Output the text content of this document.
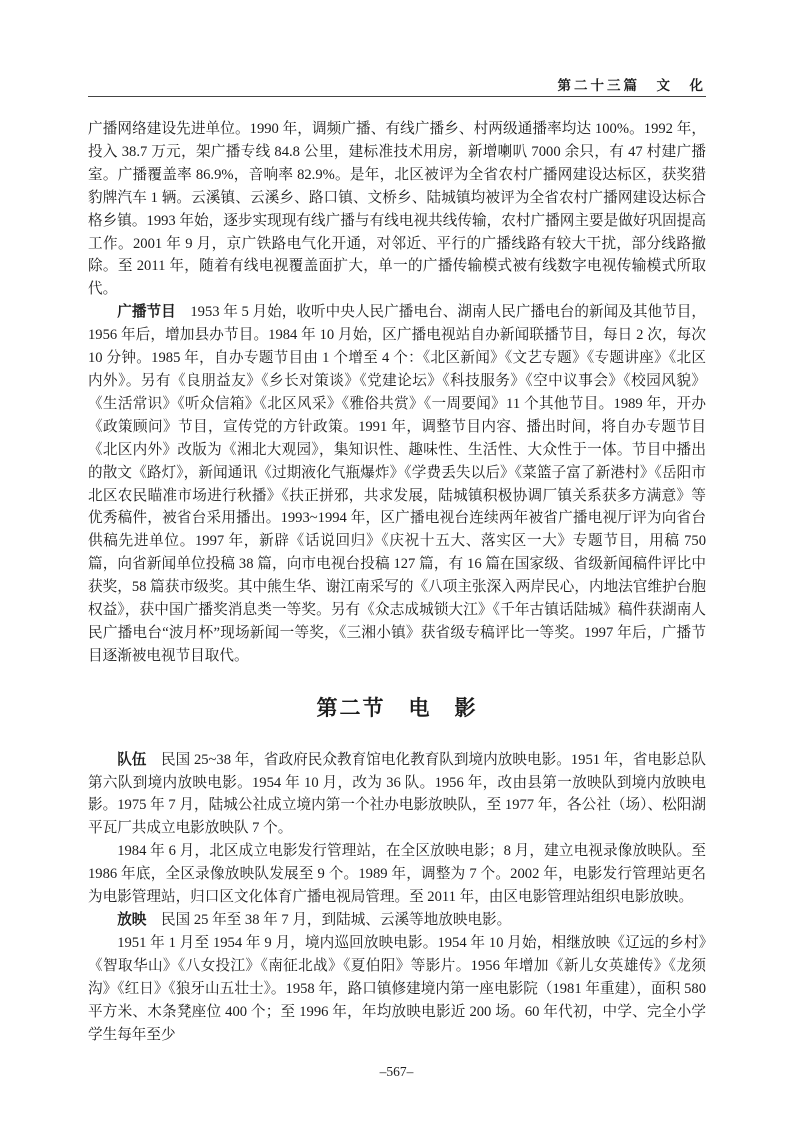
第二十三篇　文　化

广播网络建设先进单位。1990 年，调频广播、有线广播乡、村两级通播率均达 100%。1992 年，投入 38.7 万元，架广播专线 84.8 公里，建标准技术用房，新增喇叭 7000 余只，有 47 村建广播室。广播覆盖率 86.9%，音响率 82.9%。是年，北区被评为全省农村广播网建设达标区，获奖猎豹牌汽车 1 辆。云溪镇、云溪乡、路口镇、文桥乡、陆城镇均被评为全省农村广播网建设达标合格乡镇。1993 年始，逐步实现现有线广播与有线电视共线传输，农村广播网主要是做好巩固提高工作。2001 年 9 月，京广铁路电气化开通，对邻近、平行的广播线路有较大干扰，部分线路撤除。至 2011 年，随着有线电视覆盖面扩大，单一的广播传输模式被有线数字电视传输模式所取代。

广播节目　1953 年 5 月始，收听中央人民广播电台、湖南人民广播电台的新闻及其他节目，1956 年后，增加县办节目。1984 年 10 月始，区广播电视站自办新闻联播节目，每日 2 次，每次 10 分钟。1985 年，自办专题节目由 1 个增至 4 个：《北区新闻》《文艺专题》《专题讲座》《北区内外》。另有《良朋益友》《乡长对策谈》《党建论坛》《科技服务》《空中议事会》《校园风貌》《生活常识》《听众信箱》《北区风采》《雅俗共赏》《一周要闻》11 个其他节目。1989 年，开办《政策顾问》节目，宣传党的方针政策。1991 年，调整节目内容、播出时间，将自办专题节目《北区内外》改版为《湘北大观园》，集知识性、趣味性、生活性、大众性于一体。节目中播出的散文《路灯》，新闻通讯《过期液化气瓶爆炸》《学费丢失以后》《菜篮子富了新港村》《岳阳市北区农民瞄准市场进行秋播》《扶正拼邪，共求发展，陆城镇积极协调厂镇关系获多方满意》等优秀稿件，被省台采用播出。1993~1994 年，区广播电视台连续两年被省广播电视厅评为向省台供稿先进单位。1997 年，新辟《话说回归》《庆祝十五大、落实区一大》专题节目，用稿 750 篇，向省新闻单位投稿 38 篇，向市电视台投稿 127 篇，有 16 篇在国家级、省级新闻稿件评比中获奖，58 篇获市级奖。其中熊生华、谢江南采写的《八项主张深入两岸民心，内地法官维护台胞权益》，获中国广播奖消息类一等奖。另有《众志成城锁大江》《千年古镇话陆城》稿件获湖南人民广播电台“波月杯”现场新闻一等奖，《三湘小镇》获省级专稿评比一等奖。1997 年后，广播节目逐渐被电视节目取代。

第二节　电　影

队伍　民国 25~38 年，省政府民众教育馆电化教育队到境内放映电影。1951 年，省电影总队第六队到境内放映电影。1954 年 10 月，改为 36 队。1956 年，改由县第一放映队到境内放映电影。1975 年 7 月，陆城公社成立境内第一个社办电影放映队，至 1977 年，各公社（场）、松阳湖平瓦厂共成立电影放映队 7 个。

1984 年 6 月，北区成立电影发行管理站，在全区放映电影；8 月，建立电视录像放映队。至 1986 年底，全区录像放映队发展至 9 个。1989 年，调整为 7 个。2002 年，电影发行管理站更名为电影管理站，归口区文化体育广播电视局管理。至 2011 年，由区电影管理站组织电影放映。

放映　民国 25 年至 38 年 7 月，到陆城、云溪等地放映电影。

1951 年 1 月至 1954 年 9 月，境内巡回放映电影。1954 年 10 月始，相继放映《辽远的乡村》《智取华山》《八女投江》《南征北战》《夏伯阳》等影片。1956 年增加《新儿女英雄传》《龙须沟》《红日》《狼牙山五壮士》。1958 年，路口镇修建境内第一座电影院（1981 年重建），面积 580 平方米、木条凳座位 400 个；至 1996 年，年均放映电影近 200 场。60 年代初，中学、完全小学学生每年至少

–567–
